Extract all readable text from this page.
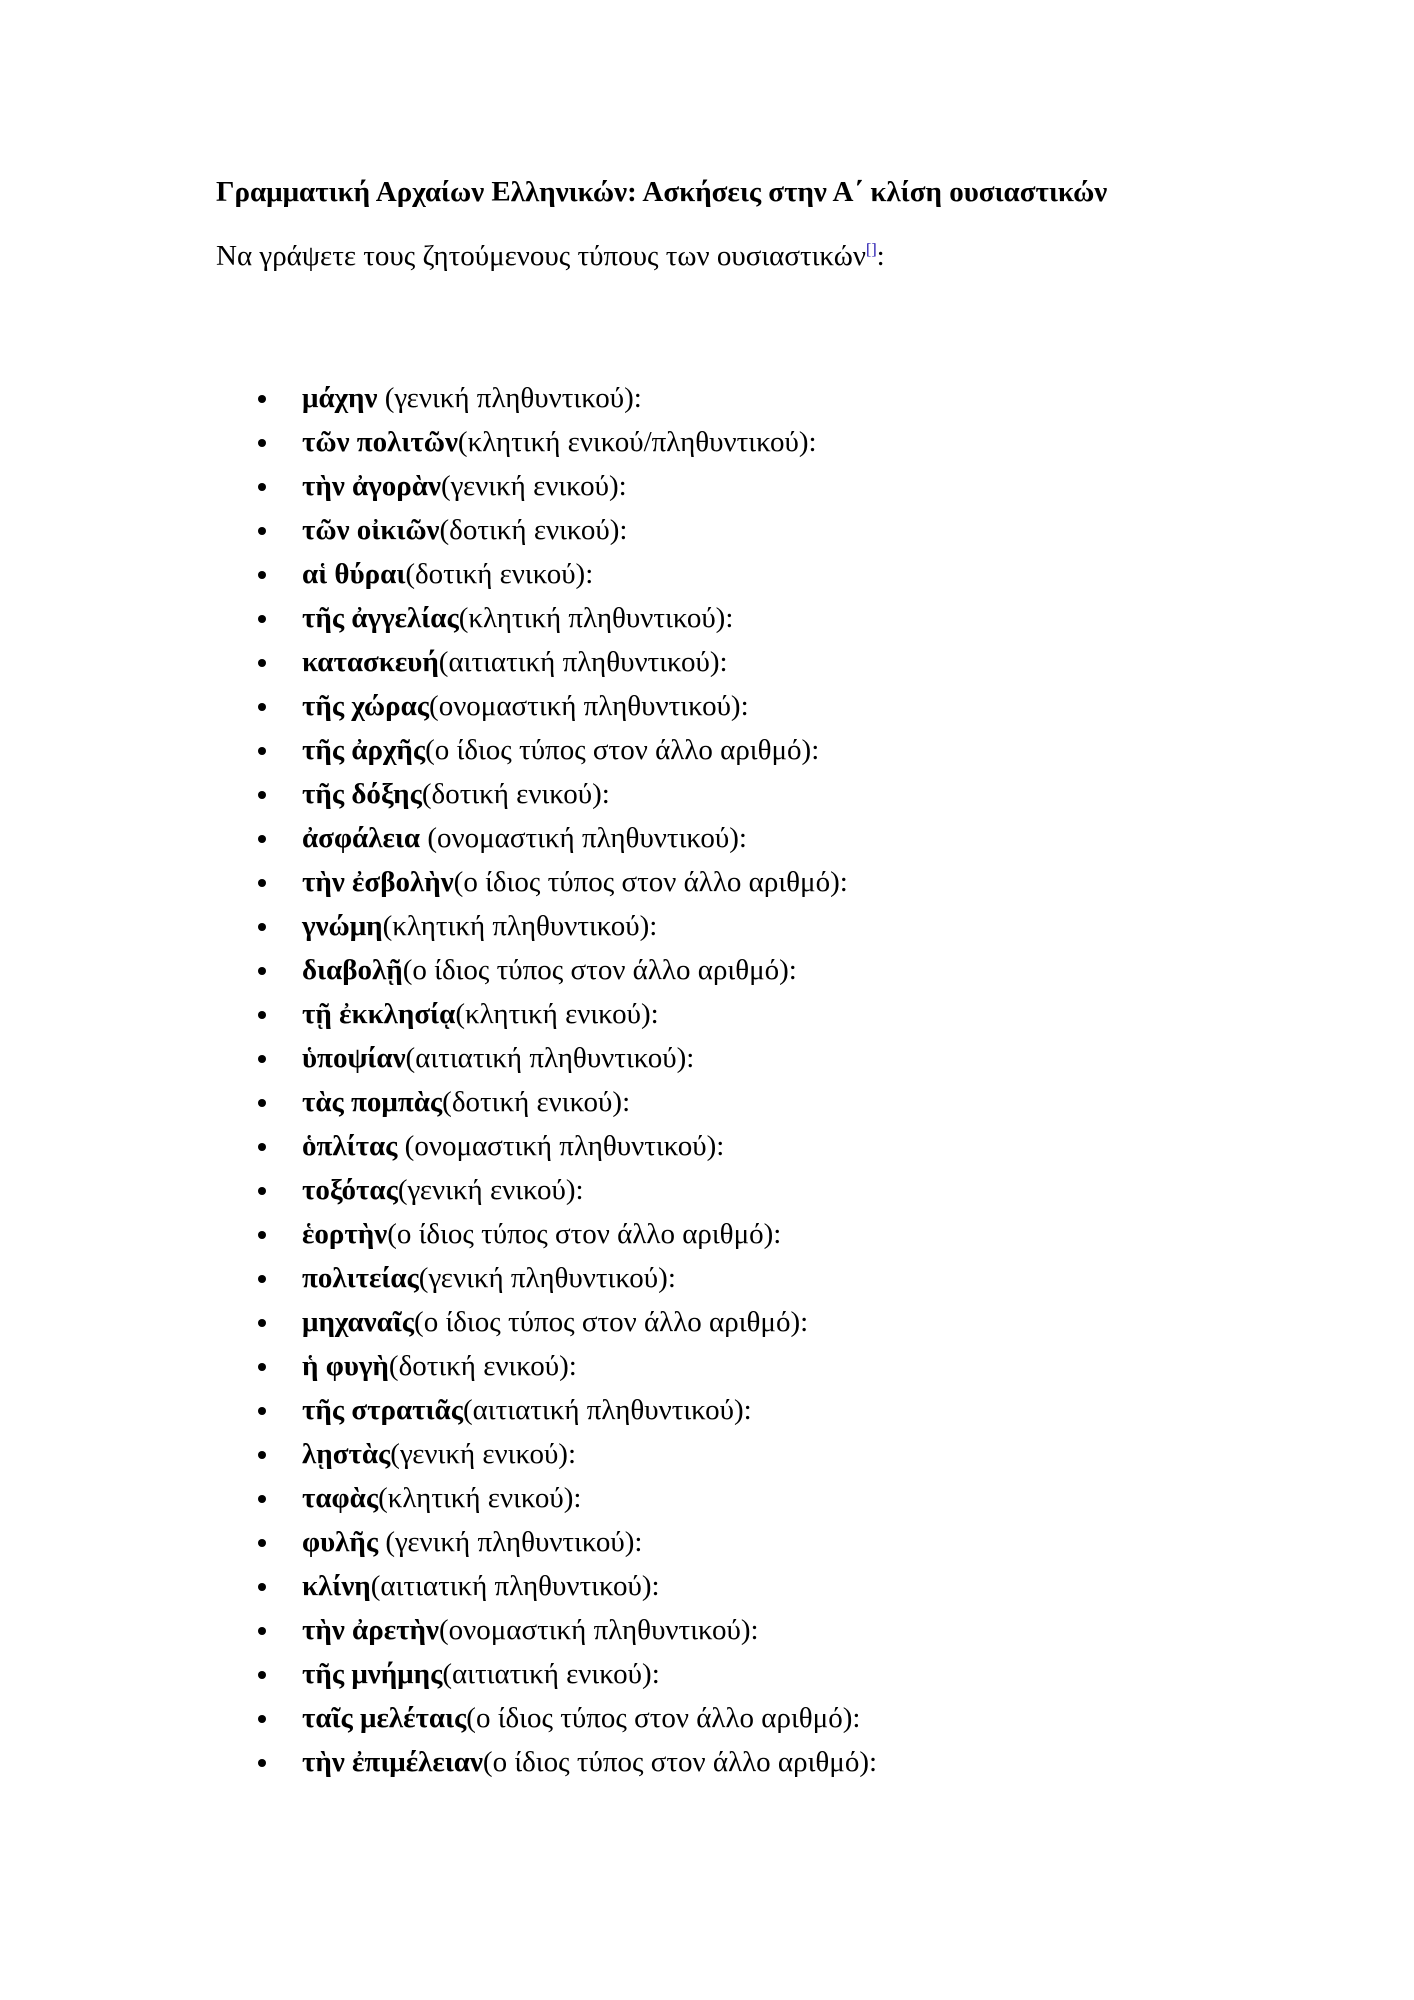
Γραμματική Αρχαίων Ελληνικών: Ασκήσεις στην Α΄ κλίση ουσιαστικών

Να γράψετε τους ζητούμενους τύπους των ουσιαστικών[]:

μάχην (γενική πληθυντικού):
τῶν πολιτῶν(κλητική ενικού/πληθυντικού):
τὴν ἀγορὰν(γενική ενικού):
τῶν οἰκιῶν(δοτική ενικού):
αἱ θύραι(δοτική ενικού):
τῆς ἀγγελίας(κλητική πληθυντικού):
κατασκευή(αιτιατική πληθυντικού):
τῆς χώρας(ονομαστική πληθυντικού):
τῆς ἀρχῆς(ο ίδιος τύπος στον άλλο αριθμό):
τῆς δόξης(δοτική ενικού):
ἀσφάλεια (ονομαστική πληθυντικού):
τὴν ἐσβολὴν(ο ίδιος τύπος στον άλλο αριθμό):
γνώμη(κλητική πληθυντικού):
διαβολῇ(ο ίδιος τύπος στον άλλο αριθμό):
τῇ ἐκκλησίᾳ(κλητική ενικού):
ὑποψίαν(αιτιατική πληθυντικού):
τὰς πομπὰς(δοτική ενικού):
ὁπλίτας (ονομαστική πληθυντικού):
τοξότας(γενική ενικού):
ἑορτὴν(ο ίδιος τύπος στον άλλο αριθμό):
πολιτείας(γενική πληθυντικού):
μηχαναῖς(ο ίδιος τύπος στον άλλο αριθμό):
ἡ φυγὴ(δοτική ενικού):
τῆς στρατιᾶς(αιτιατική πληθυντικού):
λῃστὰς(γενική ενικού):
ταφὰς(κλητική ενικού):
φυλῆς (γενική πληθυντικού):
κλίνη(αιτιατική πληθυντικού):
τὴν ἀρετὴν(ονομαστική πληθυντικού):
τῆς μνήμης(αιτιατική ενικού):
ταῖς μελέταις(ο ίδιος τύπος στον άλλο αριθμό):
τὴν ἐπιμέλειαν(ο ίδιος τύπος στον άλλο αριθμό):
